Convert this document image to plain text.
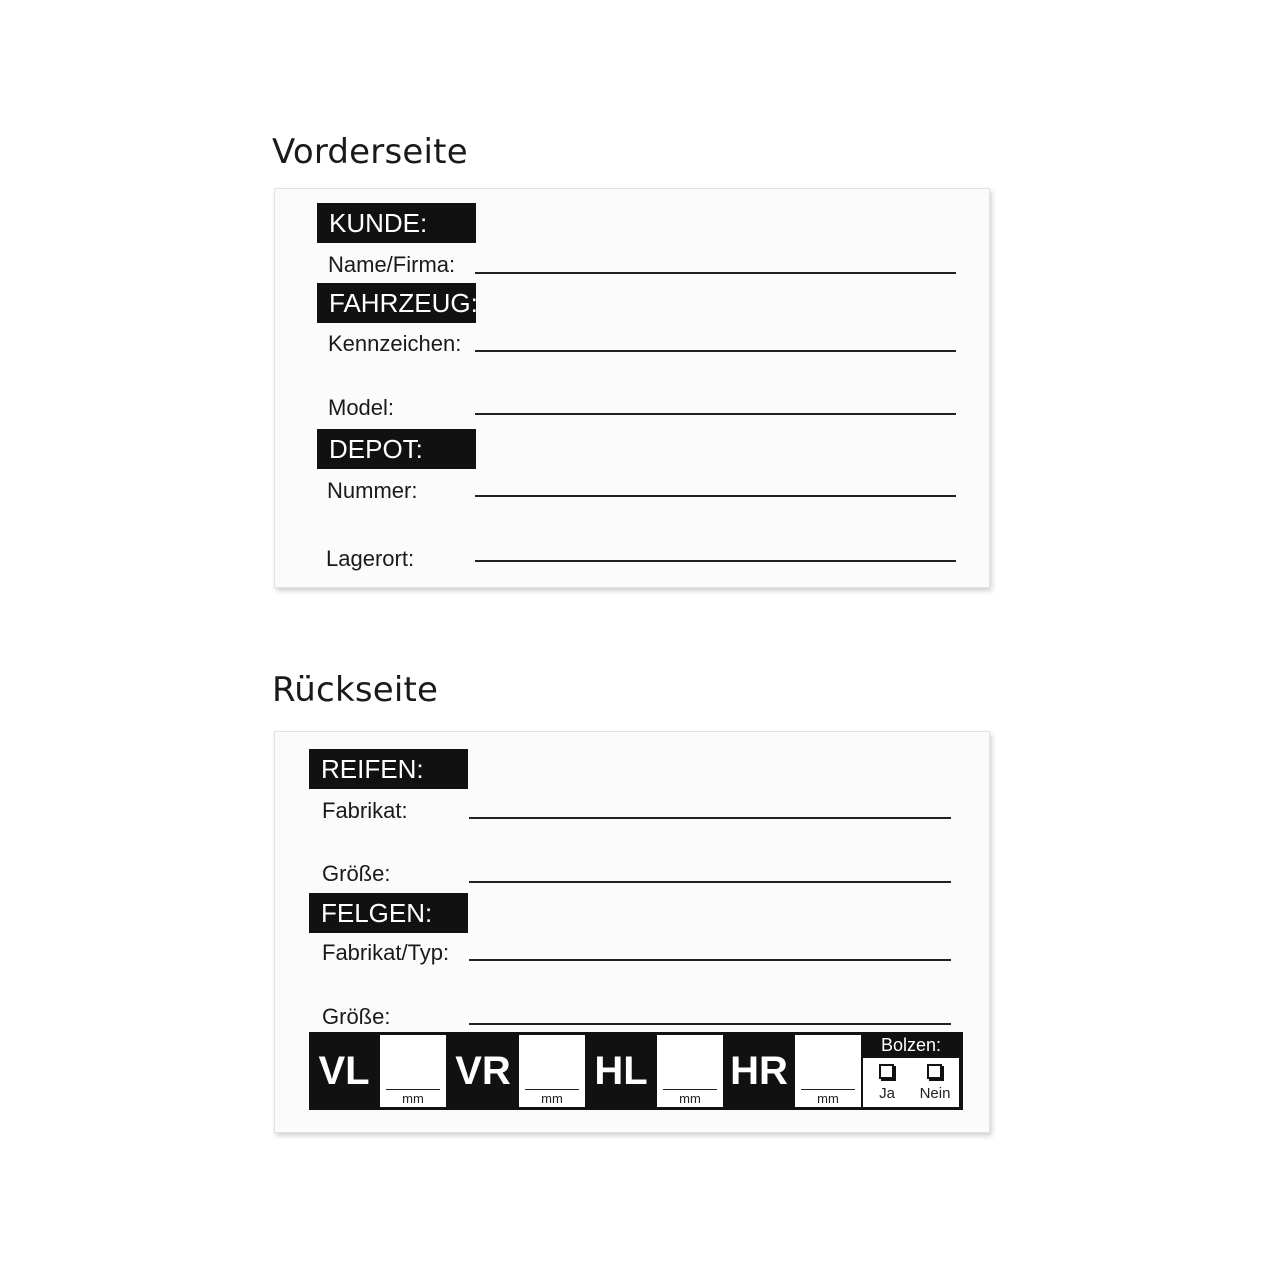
Vorderseite
KUNDE:
Name/Firma:
FAHRZEUG:
Kennzeichen:
Model:
DEPOT:
Nummer:
Lagerort:
Rückseite
REIFEN:
Fabrikat:
Größe:
FELGEN:
Fabrikat/Typ:
Größe:
VL
mm
VR
mm
HL
mm
HR
mm
Bolzen:
Ja	Nein
